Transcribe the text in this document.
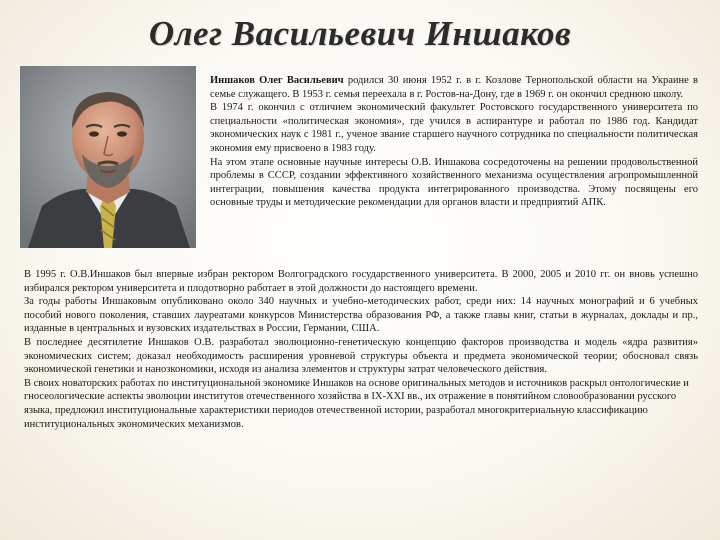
Олег Васильевич Иншаков

Иншаков Олег Васильевич родился 30 июня 1952 г. в г. Козлове Тернопольской области на Украине в семье служащего. В 1953 г. семья переехала в г. Ростов-на-Дону, где в 1969 г. он окончил среднюю школу.

В 1974 г. окончил с отличием экономический факультет Ростовского государственного университета по специальности «политическая экономия», где учился в аспирантуре и работал по 1986 год. Кандидат экономических наук с 1981 г., ученое звание старшего научного сотрудника по специальности политическая экономия ему присвоено в 1983 году.

На этом этапе основные научные интересы О.В. Иншакова сосредоточены на решении продовольственной проблемы в СССР, создании эффективного хозяйственного механизма осуществления агропромышленной интеграции, повышения качества продукта интегрированного производства. Этому посвящены его основные труды и методические рекомендации для органов власти и предприятий АПК.

В 1995 г. О.В.Иншаков был впервые избран ректором Волгоградского государственного университета. В 2000, 2005 и 2010 гг. он вновь успешно избирался ректором университета и плодотворно работает в этой должности до настоящего времени.

За годы работы Иншаковым опубликовано около 340 научных и учебно-методических работ, среди них: 14 научных монографий и 6 учебных пособий нового поколения, ставших лауреатами конкурсов Министерства образования РФ, а также главы книг, статьи в журналах, доклады и пр., изданные в центральных и вузовских издательствах в России, Германии, США.

В последнее десятилетие Иншаков О.В. разработал эволюционно-генетическую концепцию факторов производства и модель «ядра развития» экономических систем; доказал необходимость расширения уровневой структуры объекта и предмета экономической теории; обосновал связь экономической генетики и нанозкономики, исходя из анализа элементов и структуры затрат человеческого действия.

В своих новаторских работах по институциональной экономике Иншаков на основе оригинальных методов и источников раскрыл онтологические и гносеологические аспекты эволюции институтов отечественного хозяйства в IX-XXI вв., их отражение в понятийном словообразовании русского языка, предложил институциональные характеристики периодов отечественной истории, разработал многокритериальную классификацию институциональных экономических механизмов.
